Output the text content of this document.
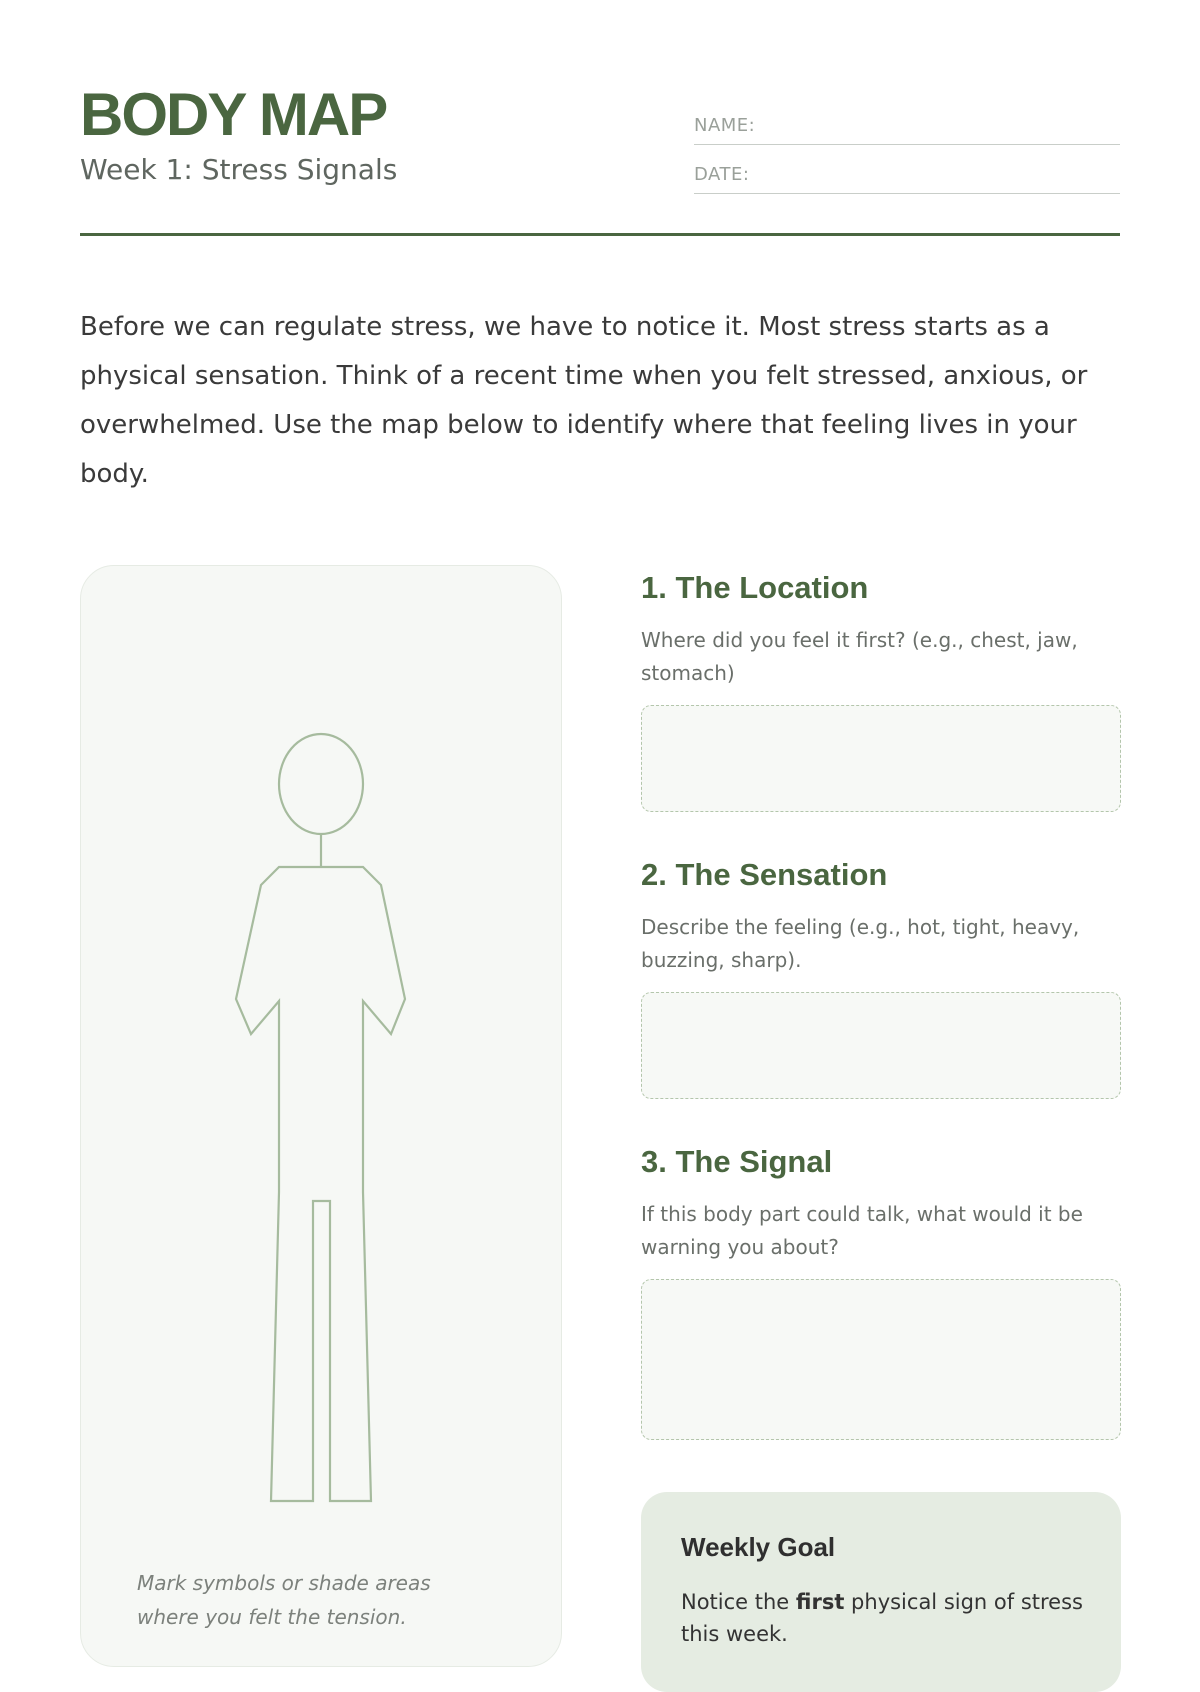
BODY MAP
Week 1: Stress Signals
NAME:
DATE:

Before we can regulate stress, we have to notice it. Most stress starts as a physical sensation. Think of a recent time when you felt stressed, anxious, or overwhelmed. Use the map below to identify where that feeling lives in your body.

Mark symbols or shade areas where you felt the tension.
1. The Location
Where did you feel it first? (e.g., chest, jaw, stomach)
2. The Sensation
Describe the feeling (e.g., hot, tight, heavy, buzzing, sharp).
3. The Signal
If this body part could talk, what would it be warning you about?
Weekly Goal
Notice the first physical sign of stress this week.
